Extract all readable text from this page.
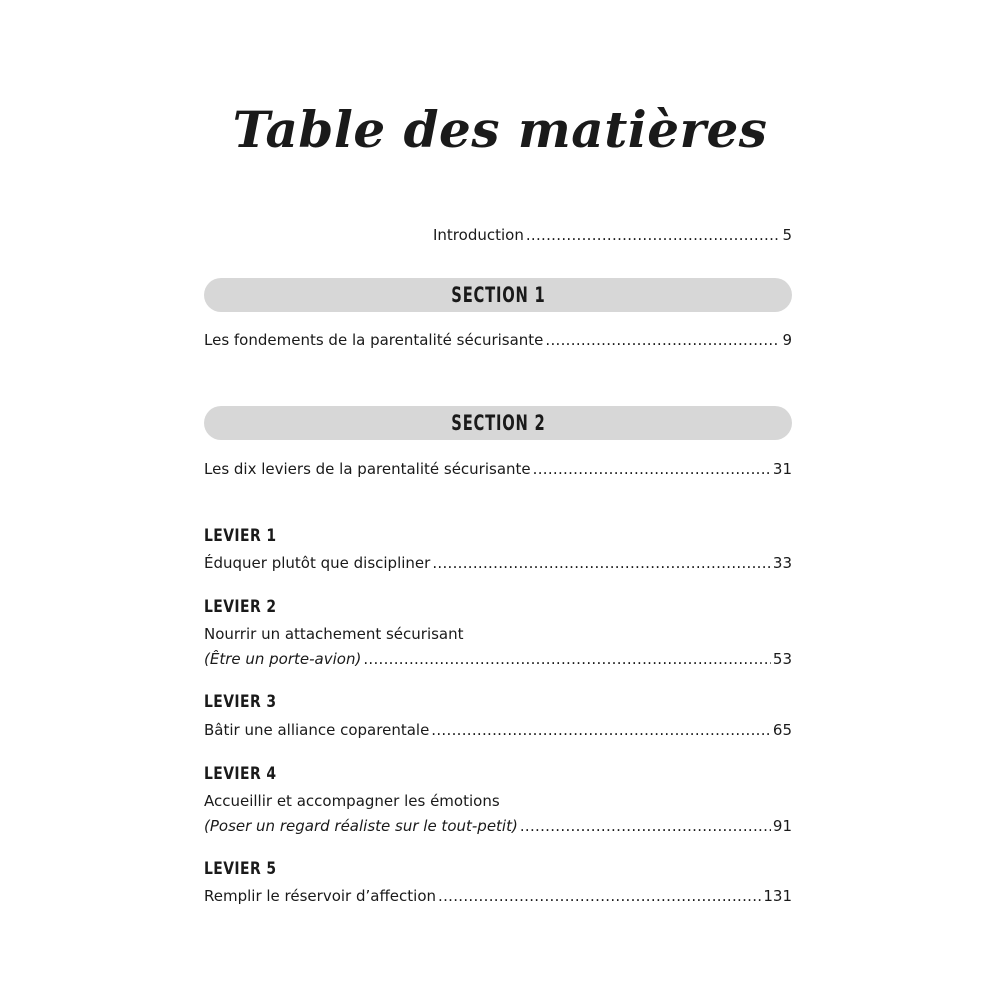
Table des matières
Introduction .....	5
SECTION 1
Les fondements de la parentalité sécurisante .....	9
SECTION 2
Les dix leviers de la parentalité sécurisante .....	31
LEVIER 1
Éduquer plutôt que discipliner .....	33
LEVIER 2
Nourrir un attachement sécurisant
(Être un porte-avion) .....	53
LEVIER 3
Bâtir une alliance coparentale .....	65
LEVIER 4
Accueillir et accompagner les émotions
(Poser un regard réaliste sur le tout-petit) .....	91
LEVIER 5
Remplir le réservoir d’affection .....	131
